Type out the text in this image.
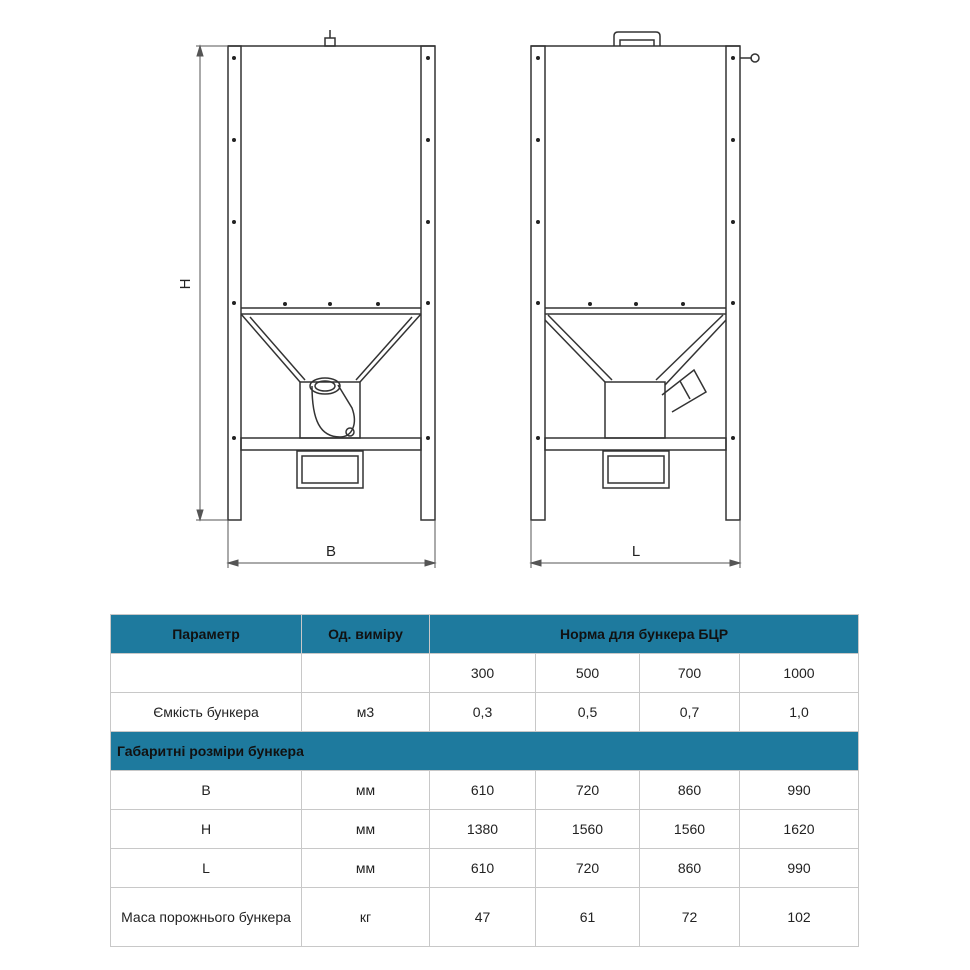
H
B	L
Параметр	Од. виміру	Норма для бункера БЦР			
		300	500	700	1000
Ємкість бункера	м3	0,3	0,5	0,7	1,0
Габаритні розміри бункера					
B	мм	610	720	860	990
H	мм	1380	1560	1560	1620
L	мм	610	720	860	990
Маса порожнього бункера	кг	47	61	72	102
